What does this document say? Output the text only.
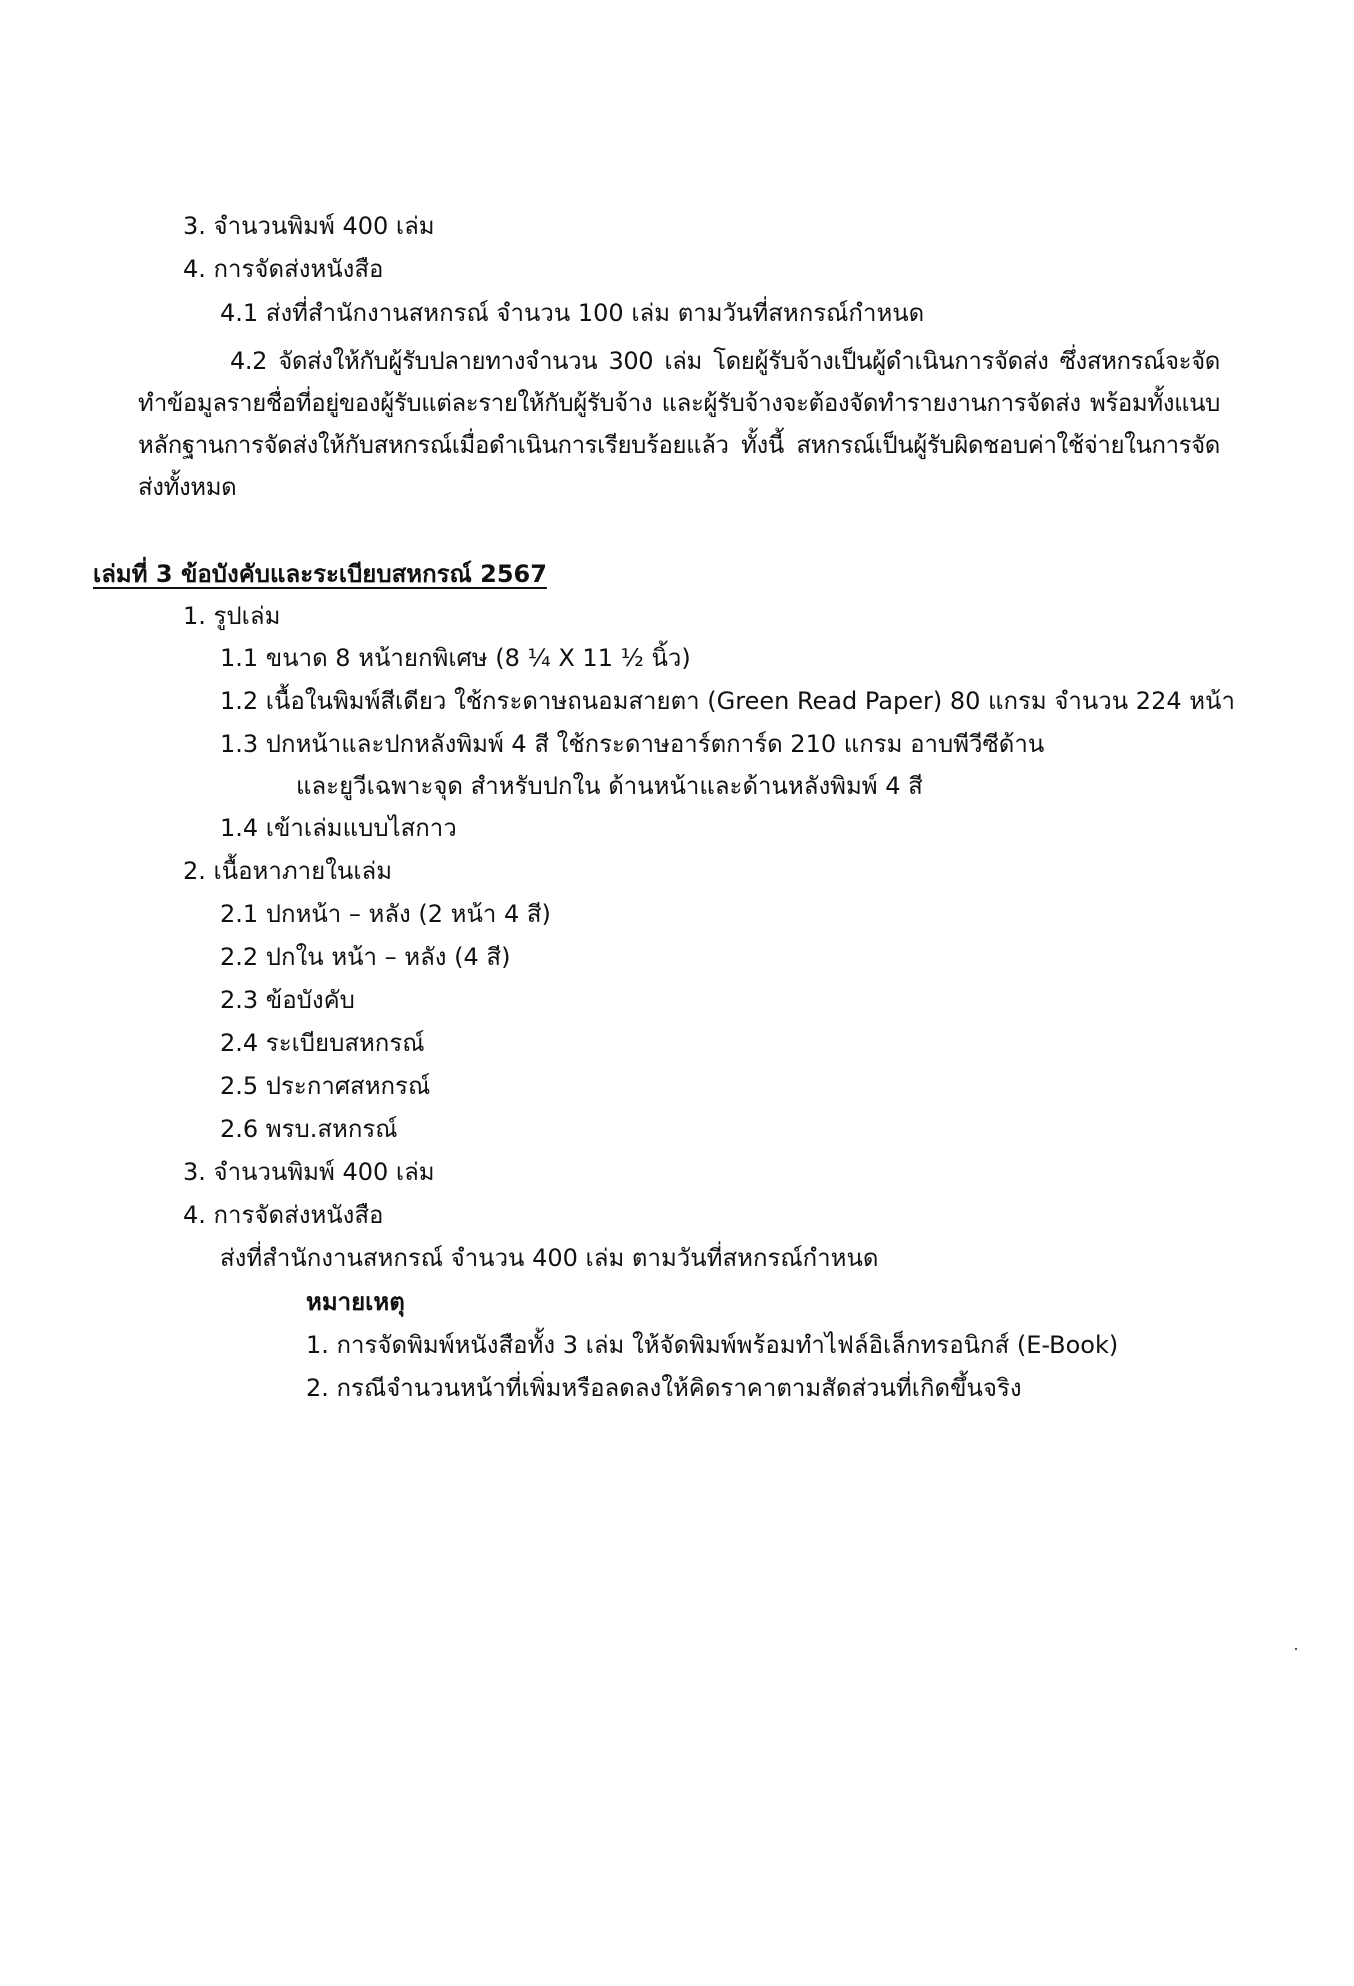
3. จำนวนพิมพ์ 400 เล่ม

4. การจัดส่งหนังสือ

4.1 ส่งที่สำนักงานสหกรณ์ จำนวน 100 เล่ม ตามวันที่สหกรณ์กำหนด

4.2 จัดส่งให้กับผู้รับปลายทางจำนวน 300 เล่ม โดยผู้รับจ้างเป็นผู้ดำเนินการจัดส่ง ซึ่งสหกรณ์จะจัดทำข้อมูลรายชื่อที่อยู่ของผู้รับแต่ละรายให้กับผู้รับจ้าง และผู้รับจ้างจะต้องจัดทำรายงานการจัดส่ง พร้อมทั้งแนบหลักฐานการจัดส่งให้กับสหกรณ์เมื่อดำเนินการเรียบร้อยแล้ว ทั้งนี้ สหกรณ์เป็นผู้รับผิดชอบค่าใช้จ่ายในการจัดส่งทั้งหมด

เล่มที่ 3 ข้อบังคับและระเบียบสหกรณ์ 2567

1. รูปเล่ม

1.1 ขนาด 8 หน้ายกพิเศษ (8 ¼ X 11 ½ นิ้ว)

1.2 เนื้อในพิมพ์สีเดียว ใช้กระดาษถนอมสายตา (Green Read Paper) 80 แกรม จำนวน 224 หน้า

1.3 ปกหน้าและปกหลังพิมพ์ 4 สี ใช้กระดาษอาร์ตการ์ด 210 แกรม อาบพีวีซีด้าน

และยูวีเฉพาะจุด สำหรับปกใน ด้านหน้าและด้านหลังพิมพ์ 4 สี

1.4 เข้าเล่มแบบไสกาว

2. เนื้อหาภายในเล่ม

2.1 ปกหน้า – หลัง (2 หน้า 4 สี)

2.2 ปกใน หน้า – หลัง (4 สี)

2.3 ข้อบังคับ

2.4 ระเบียบสหกรณ์

2.5 ประกาศสหกรณ์

2.6 พรบ.สหกรณ์

3. จำนวนพิมพ์ 400 เล่ม

4. การจัดส่งหนังสือ

ส่งที่สำนักงานสหกรณ์ จำนวน 400 เล่ม ตามวันที่สหกรณ์กำหนด

หมายเหตุ

1. การจัดพิมพ์หนังสือทั้ง 3 เล่ม ให้จัดพิมพ์พร้อมทำไฟล์อิเล็กทรอนิกส์ (E-Book)

2. กรณีจำนวนหน้าที่เพิ่มหรือลดลงให้คิดราคาตามสัดส่วนที่เกิดขึ้นจริง
